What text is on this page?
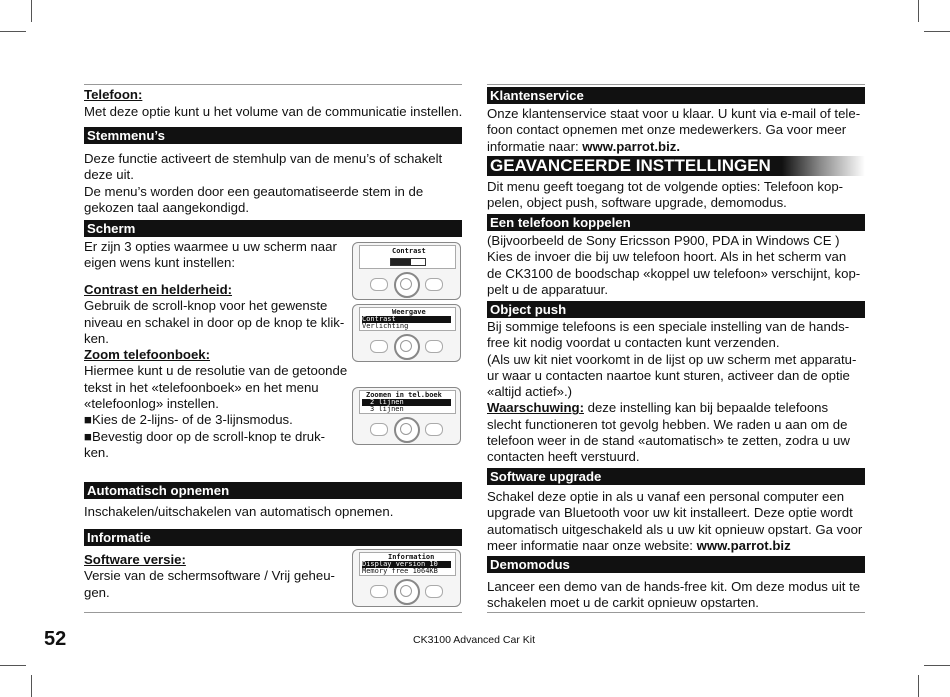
Telefoon:
Met deze optie kunt u het volume van de communicatie instellen.
Stemmenu’s
Deze functie activeert de stemhulp van de menu’s of schakelt
deze uit.
De menu’s worden door een geautomatiseerde stem in de
gekozen taal aangekondigd.
Scherm
Er zijn 3 opties waarmee u uw scherm naar
eigen wens kunt instellen:
Contrast en helderheid:
Gebruik de scroll-knop voor het gewenste
niveau en schakel in door op de knop te klik-
ken.
Zoom telefoonboek:
Hiermee kunt u de resolutie van de getoonde
tekst in het «telefoonboek» en het menu
«telefoonlog» instellen.
■Kies de 2-lijns- of de 3-lijnsmodus.
■Bevestig door op de scroll-knop te druk-
ken.
Automatisch opnemen
Inschakelen/uitschakelen van automatisch opnemen.
Informatie
Software versie:
Versie van de schermsoftware / Vrij geheu-
gen.
Contrast
Weergave
Contrast
Verlichting
Zoomen in tel.boek
2 lijnen
3 lijnen
Information
Display version 10
Memory free 1064KB
Klantenservice
Onze klantenservice staat voor u klaar. U kunt via e-mail of tele-
foon contact opnemen met onze medewerkers. Ga voor meer
informatie naar: www.parrot.biz.
GEAVANCEERDE INSTTELLINGEN
Dit menu geeft toegang tot de volgende opties: Telefoon kop-
pelen, object push, software upgrade, demomodus.
Een telefoon koppelen
(Bijvoorbeeld de Sony Ericsson P900, PDA in Windows CE )
Kies de invoer die bij uw telefoon hoort. Als in het scherm van
de CK3100 de boodschap «koppel uw telefoon» verschijnt, kop-
pelt u de apparatuur.
Object push
Bij sommige telefoons is een speciale instelling van de hands-
free kit nodig voordat u contacten kunt verzenden.
(Als uw kit niet voorkomt in de lijst op uw scherm met apparatu-
ur waar u contacten naartoe kunt sturen, activeer dan de optie
«altijd actief».)
Waarschuwing: deze instelling kan bij bepaalde telefoons
slecht functioneren tot gevolg hebben. We raden u aan om de
telefoon weer in de stand «automatisch» te zetten, zodra u uw
contacten heeft verstuurd.
Software upgrade
Schakel deze optie in als u vanaf een personal computer een
upgrade van Bluetooth voor uw kit installeert. Deze optie wordt
automatisch uitgeschakeld als u uw kit opnieuw opstart. Ga voor
meer informatie naar onze website: www.parrot.biz
Demomodus
Lanceer een demo van de hands-free kit. Om deze modus uit te
schakelen moet u de carkit opnieuw opstarten.
52	CK3100 Advanced Car Kit
